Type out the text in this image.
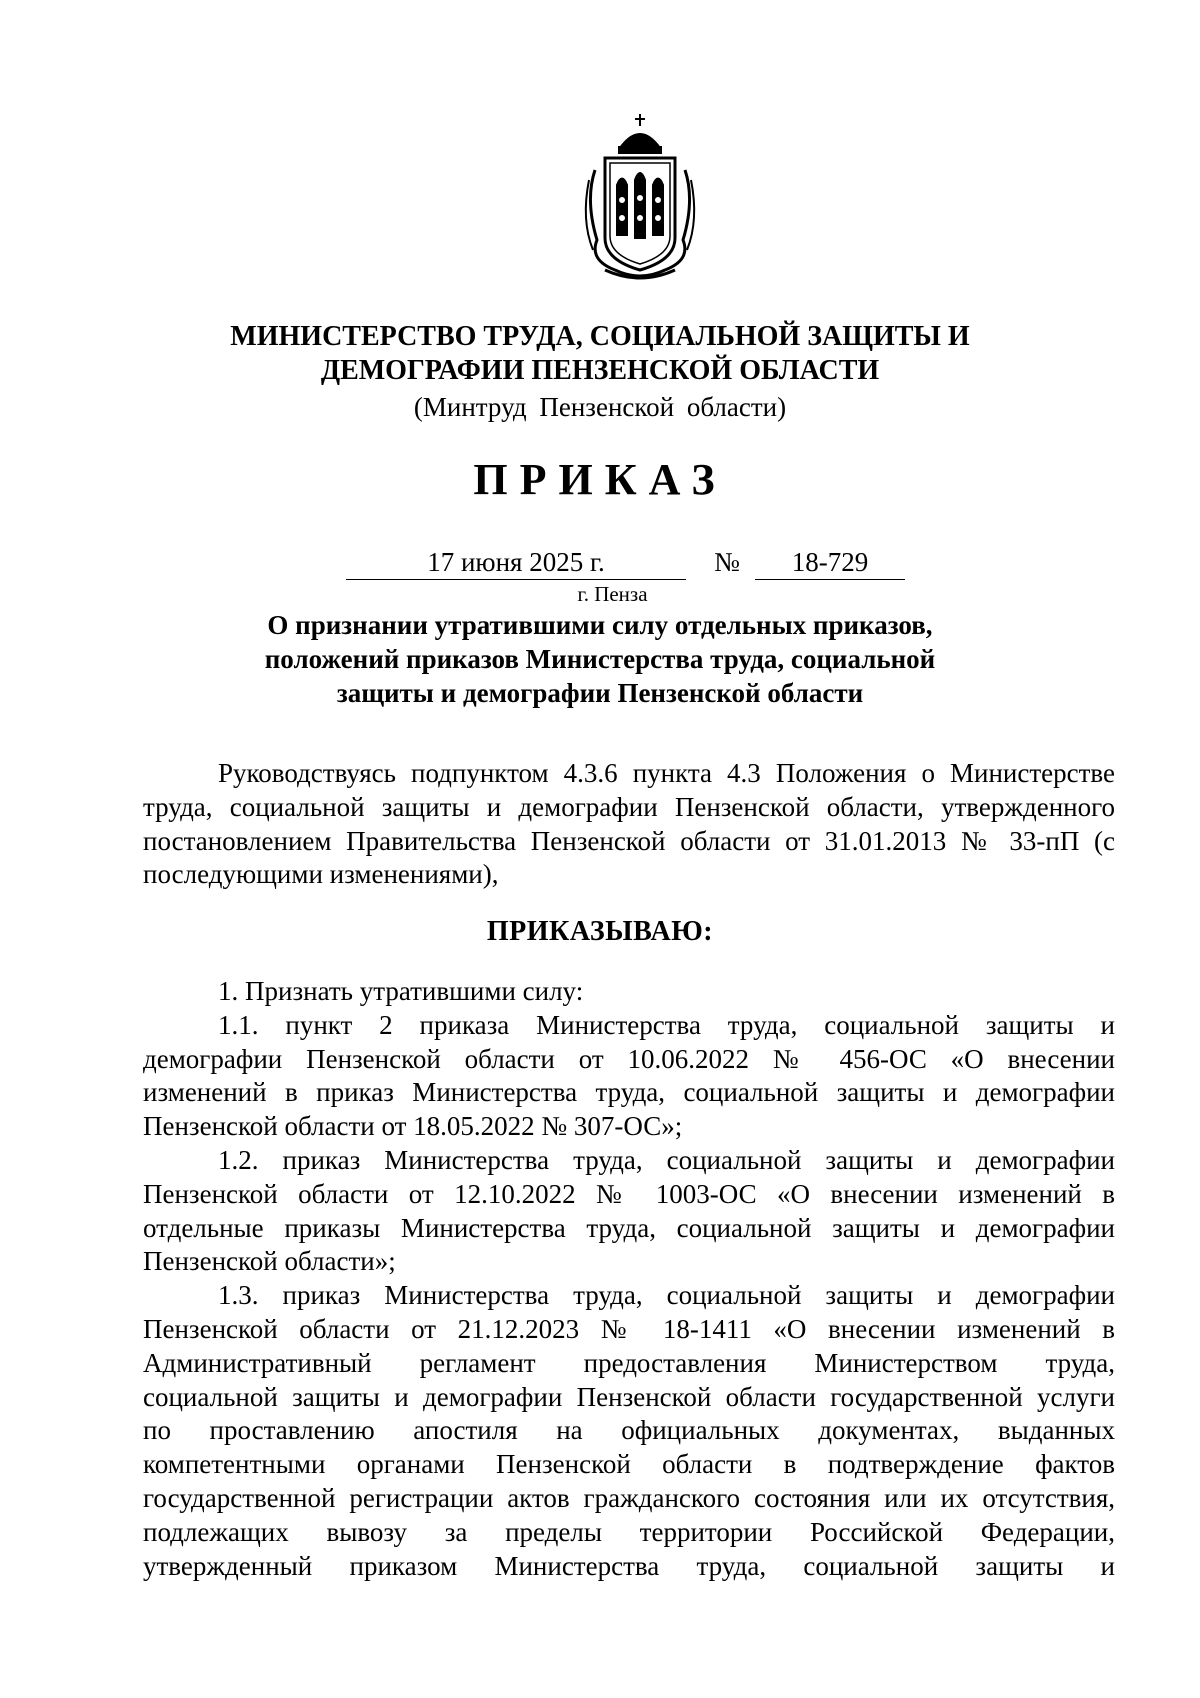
МИНИСТЕРСТВО ТРУДА, СОЦИАЛЬНОЙ ЗАЩИТЫ И
ДЕМОГРАФИИ ПЕНЗЕНСКОЙ ОБЛАСТИ
(Минтруд Пензенской области)
ПРИКАЗ
17 июня 2025 г.	№	18-729
г. Пенза
О признании утратившими силу отдельных приказов,
положений приказов Министерства труда, социальной
защиты и демографии Пензенской области
Руководствуясь подпунктом 4.3.6 пункта 4.3 Положения о Министерстве
труда, социальной защиты и демографии Пензенской области, утвержденного
постановлением Правительства Пензенской области от 31.01.2013 № 33-пП (с
последующими изменениями),
ПРИКАЗЫВАЮ:
1. Признать утратившими силу:
1.1. пункт 2 приказа Министерства труда, социальной защиты и
демографии Пензенской области от 10.06.2022 № 456-ОС «О внесении
изменений в приказ Министерства труда, социальной защиты и демографии
Пензенской области от 18.05.2022 № 307-ОС»;
1.2. приказ Министерства труда, социальной защиты и демографии
Пензенской области от 12.10.2022 № 1003-ОС «О внесении изменений в
отдельные приказы Министерства труда, социальной защиты и демографии
Пензенской области»;
1.3. приказ Министерства труда, социальной защиты и демографии
Пензенской области от 21.12.2023 № 18-1411 «О внесении изменений в
Административный регламент предоставления Министерством труда,
социальной защиты и демографии Пензенской области государственной услуги
по проставлению апостиля на официальных документах, выданных
компетентными органами Пензенской области в подтверждение фактов
государственной регистрации актов гражданского состояния или их отсутствия,
подлежащих вывозу за пределы территории Российской Федерации,
утвержденный приказом Министерства труда, социальной защиты и
